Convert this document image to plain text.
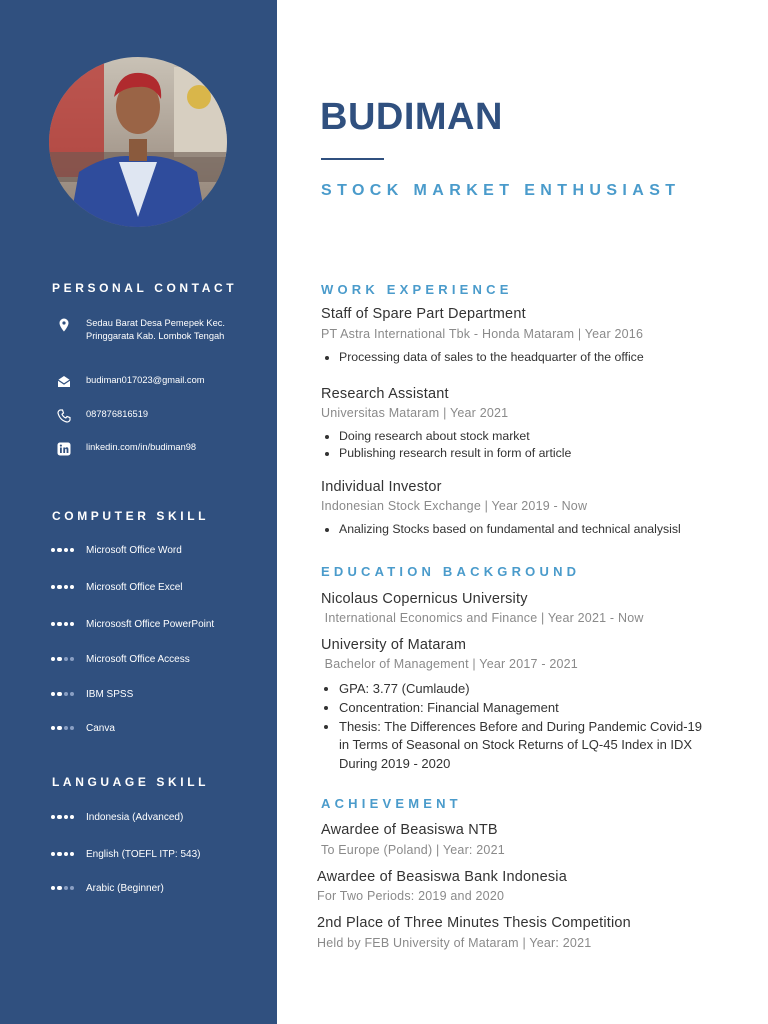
PERSONAL CONTACT
Sedau Barat Desa Pemepek Kec. Pringgarata Kab. Lombok Tengah
budiman017023@gmail.com
087876816519
linkedin.com/in/budiman98
COMPUTER SKILL
Microsoft Office Word
Microsoft Office Excel
Micrososft Office PowerPoint
Microsoft Office Access
IBM SPSS
Canva
LANGUAGE SKILL
Indonesia (Advanced)
English (TOEFL ITP: 543)
Arabic (Beginner)
BUDIMAN
STOCK MARKET ENTHUSIAST
WORK EXPERIENCE
Staff of Spare Part Department
PT Astra International Tbk - Honda Mataram | Year 2016
• Processing data of sales to the headquarter of the office
Research Assistant
Universitas Mataram | Year 2021
• Doing research about stock market
• Publishing research result in form of article
Individual Investor
Indonesian Stock Exchange | Year 2019 - Now
• Analizing Stocks based on fundamental and technical analysisl
EDUCATION BACKGROUND
Nicolaus Copernicus University
International Economics and Finance | Year 2021 - Now
University of Mataram
Bachelor of Management | Year 2017 - 2021
• GPA: 3.77 (Cumlaude)
• Concentration: Financial Management
• Thesis: The Differences Before and During Pandemic Covid-19 in Terms of Seasonal on Stock Returns of LQ-45 Index in IDX During 2019 - 2020
ACHIEVEMENT
Awardee of Beasiswa NTB
To Europe (Poland) | Year: 2021
Awardee of Beasiswa Bank Indonesia
For Two Periods: 2019 and 2020
2nd Place of Three Minutes Thesis Competition
Held by FEB University of Mataram | Year: 2021
